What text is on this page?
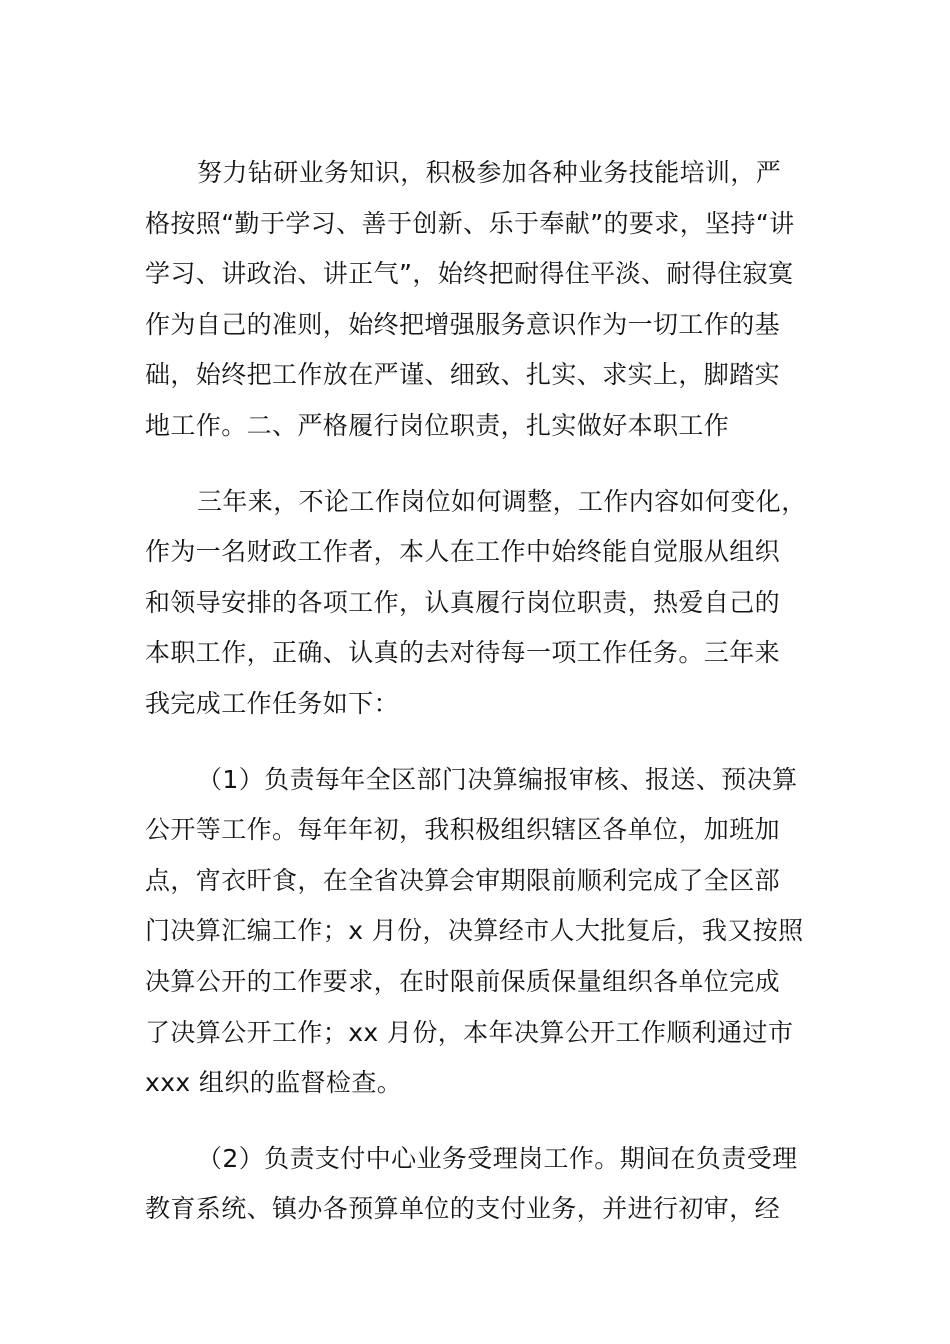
努力钻研业务知识，积极参加各种业务技能培训，严
格按照“勤于学习、善于创新、乐于奉献”的要求，坚持“讲
学习、讲政治、讲正气”，始终把耐得住平淡、耐得住寂寞
作为自己的准则，始终把增强服务意识作为一切工作的基
础，始终把工作放在严谨、细致、扎实、求实上，脚踏实
地工作。二、严格履行岗位职责，扎实做好本职工作
三年来，不论工作岗位如何调整，工作内容如何变化，
作为一名财政工作者，本人在工作中始终能自觉服从组织
和领导安排的各项工作，认真履行岗位职责，热爱自己的
本职工作，正确、认真的去对待每一项工作任务。三年来
我完成工作任务如下：
（1）负责每年全区部门决算编报审核、报送、预决算
公开等工作。每年年初，我积极组织辖区各单位，加班加
点，宵衣旰食，在全省决算会审期限前顺利完成了全区部
门决算汇编工作；x 月份，决算经市人大批复后，我又按照
决算公开的工作要求，在时限前保质保量组织各单位完成
了决算公开工作；xx 月份，本年决算公开工作顺利通过市
xxx 组织的监督检查。
（2）负责支付中心业务受理岗工作。期间在负责受理
教育系统、镇办各预算单位的支付业务，并进行初审，经
